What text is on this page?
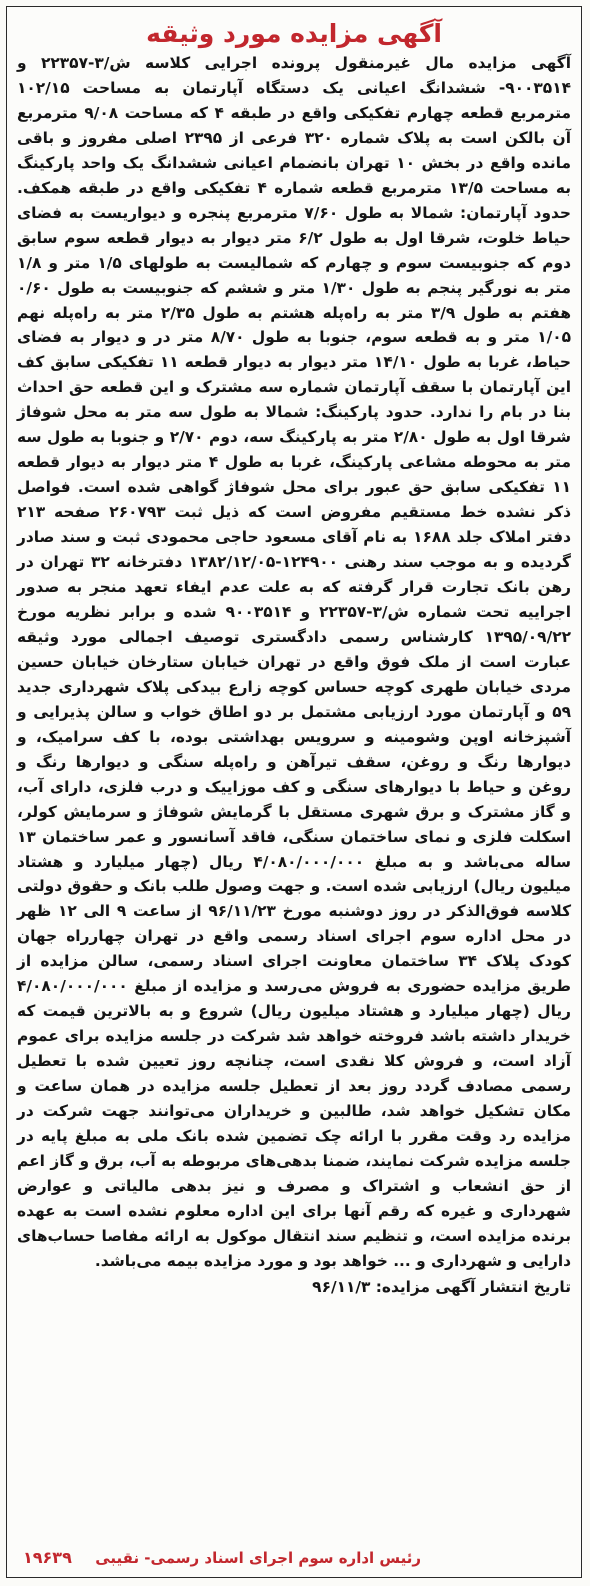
آگهی مزایده مورد وثیقه
آگهی مزایده مال غیرمنقول پرونده اجرایی کلاسه ش/۳-۲۲۳۵۷ و ۹۰۰۳۵۱۴- ششدانگ اعیانی یک دستگاه آپارتمان به مساحت ۱۰۲/۱۵ مترمربع قطعه چهارم تفکیکی واقع در طبقه ۴ که مساحت ۹/۰۸ مترمربع آن بالکن است به پلاک شماره ۳۲۰ فرعی از ۲۳۹۵ اصلی مفروز و باقی مانده واقع در بخش ۱۰ تهران بانضمام اعیانی ششدانگ یک واحد پارکینگ به مساحت ۱۳/۵ مترمربع قطعه شماره ۴ تفکیکی واقع در طبقه همکف. حدود آپارتمان: شمالا به طول ۷/۶۰ مترمربع پنجره و دیواریست به فضای حیاط خلوت، شرقا اول به طول ۶/۲ متر دیوار به دیوار قطعه سوم سابق دوم که جنوبیست سوم و چهارم که شمالیست به طولهای ۱/۵ متر و ۱/۸ متر به نورگیر پنجم به طول ۱/۳۰ متر و ششم که جنوبیست به طول ۰/۶۰ هفتم به طول ۳/۹ متر به راه‌پله هشتم به طول ۲/۳۵ متر به راه‌پله نهم ۱/۰۵ متر و به قطعه سوم، جنوبا به طول ۸/۷۰ متر در و دیوار به فضای حیاط، غربا به طول ۱۴/۱۰ متر دیوار به دیوار قطعه ۱۱ تفکیکی سابق کف این آپارتمان با سقف آپارتمان شماره سه مشترک و این قطعه حق احداث بنا در بام را ندارد. حدود پارکینگ: شمالا به طول سه متر به محل شوفاژ شرقا اول به طول ۲/۸۰ متر به پارکینگ سه، دوم ۲/۷۰ و جنوبا به طول سه متر به محوطه مشاعی پارکینگ، غربا به طول ۴ متر دیوار به دیوار قطعه ۱۱ تفکیکی سابق حق عبور برای محل شوفاژ گواهی شده است. فواصل ذکر نشده خط مستقیم مفروض است که ذیل ثبت ۲۶۰۷۹۳ صفحه ۲۱۳ دفتر املاک جلد ۱۶۸۸ به نام آقای مسعود حاجی محمودی ثبت و سند صادر گردیده و به موجب سند رهنی ۱۲۴۹۰۰-۱۳۸۲/۱۲/۰۵ دفترخانه ۳۲ تهران در رهن بانک تجارت قرار گرفته که به علت عدم ایفاء تعهد منجر به صدور اجراییه تحت شماره ش/۳-۲۲۳۵۷ و ۹۰۰۳۵۱۴ شده و برابر نظریه مورخ ۱۳۹۵/۰۹/۲۲ کارشناس رسمی دادگستری توصیف اجمالی مورد وثیقه عبارت است از ملک فوق واقع در تهران خیابان ستارخان خیابان حسین مردی خیابان طهری کوچه حساس کوچه زارع بیدکی پلاک شهرداری جدید ۵۹ و آپارتمان مورد ارزیابی مشتمل بر دو اطاق خواب و سالن پذیرایی و آشپزخانه اوپن وشومینه و سرویس بهداشتی بوده، با کف سرامیک، و دیوارها رنگ و روغن، سقف تیرآهن و راه‌پله سنگی و دیوارها رنگ و روغن و حیاط با دیوارهای سنگی و کف موزاییک و درب فلزی، دارای آب، و گاز مشترک و برق شهری مستقل با گرمایش شوفاژ و سرمایش کولر، اسکلت فلزی و نمای ساختمان سنگی، فاقد آسانسور و عمر ساختمان ۱۳ ساله می‌باشد و به مبلغ ۴/۰۸۰/۰۰۰/۰۰۰ ریال (چهار میلیارد و هشتاد میلیون ریال) ارزیابی شده است. و جهت وصول طلب بانک و حقوق دولتی کلاسه فوق‌الذکر در روز دوشنبه مورخ ۹۶/۱۱/۲۳ از ساعت ۹ الی ۱۲ ظهر در محل اداره سوم اجرای اسناد رسمی واقع در تهران چهارراه جهان کودک پلاک ۳۴ ساختمان معاونت اجرای اسناد رسمی، سالن مزایده از طریق مزایده حضوری به فروش می‌رسد و مزایده از مبلغ ۴/۰۸۰/۰۰۰/۰۰۰ ریال (چهار میلیارد و هشتاد میلیون ریال) شروع و به بالاترین قیمت که خریدار داشته باشد فروخته خواهد شد شرکت در جلسه مزایده برای عموم آزاد است، و فروش کلا نقدی است، چنانچه روز تعیین شده با تعطیل رسمی مصادف گردد روز بعد از تعطیل جلسه مزایده در همان ساعت و مکان تشکیل خواهد شد، طالبین و خریداران می‌توانند جهت شرکت در مزایده رد وقت مقرر با ارائه چک تضمین شده بانک ملی به مبلغ پایه در جلسه مزایده شرکت نمایند، ضمنا بدهی‌های مربوطه به آب، برق و گاز اعم از حق انشعاب و اشتراک و مصرف و نیز بدهی مالیاتی و عوارض شهرداری و غیره که رقم آنها برای این اداره معلوم نشده است به عهده برنده مزایده است، و تنظیم سند انتقال موکول به ارائه مفاصا حساب‌های دارایی و شهرداری و ... خواهد بود و مورد مزایده بیمه می‌باشد.
تاریخ انتشار آگهی مزایده: ۹۶/۱۱/۳
رئیس اداره سوم اجرای اسناد رسمی- نقیبی
۱۹۶۳۹
